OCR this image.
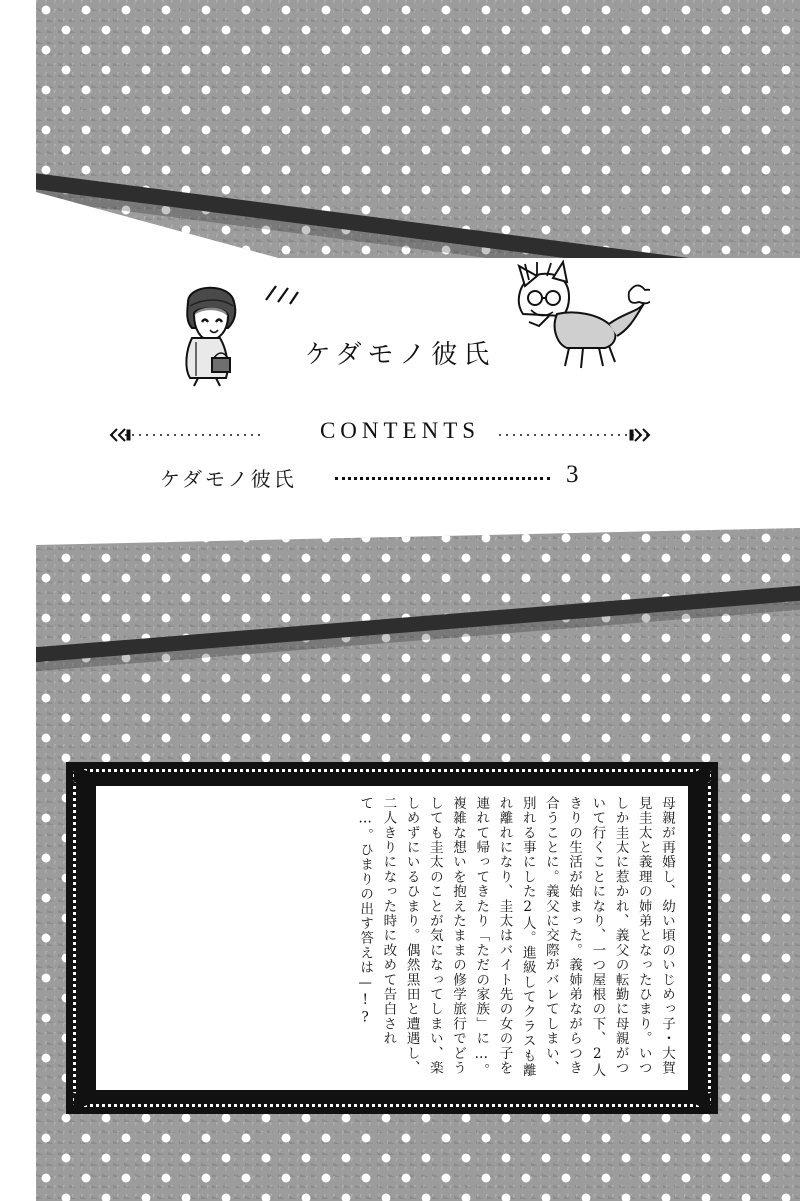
ケダモノ彼氏
CONTENTS
ケダモノ彼氏	3
母親が再婚し、幼い頃のいじめっ子・大賀見圭太と義理の姉弟となったひまり。いつしか圭太に惹かれ、義父の転勤に母親がついて行くことになり、一つ屋根の下、2人きりの生活が始まった。義姉弟ながらつき合うことに。義父に交際がバレてしまい、別れる事にした2人。進級してクラスも離れ離れになり、圭太はバイト先の女の子を連れて帰ってきたり「ただの家族」に…。複雑な想いを抱えたままの修学旅行でどうしても圭太のことが気になってしまい、楽しめずにいるひまり。偶然黒田と遭遇し、二人きりになった時に改めて告白されて…。ひまりの出す答えは—!?
